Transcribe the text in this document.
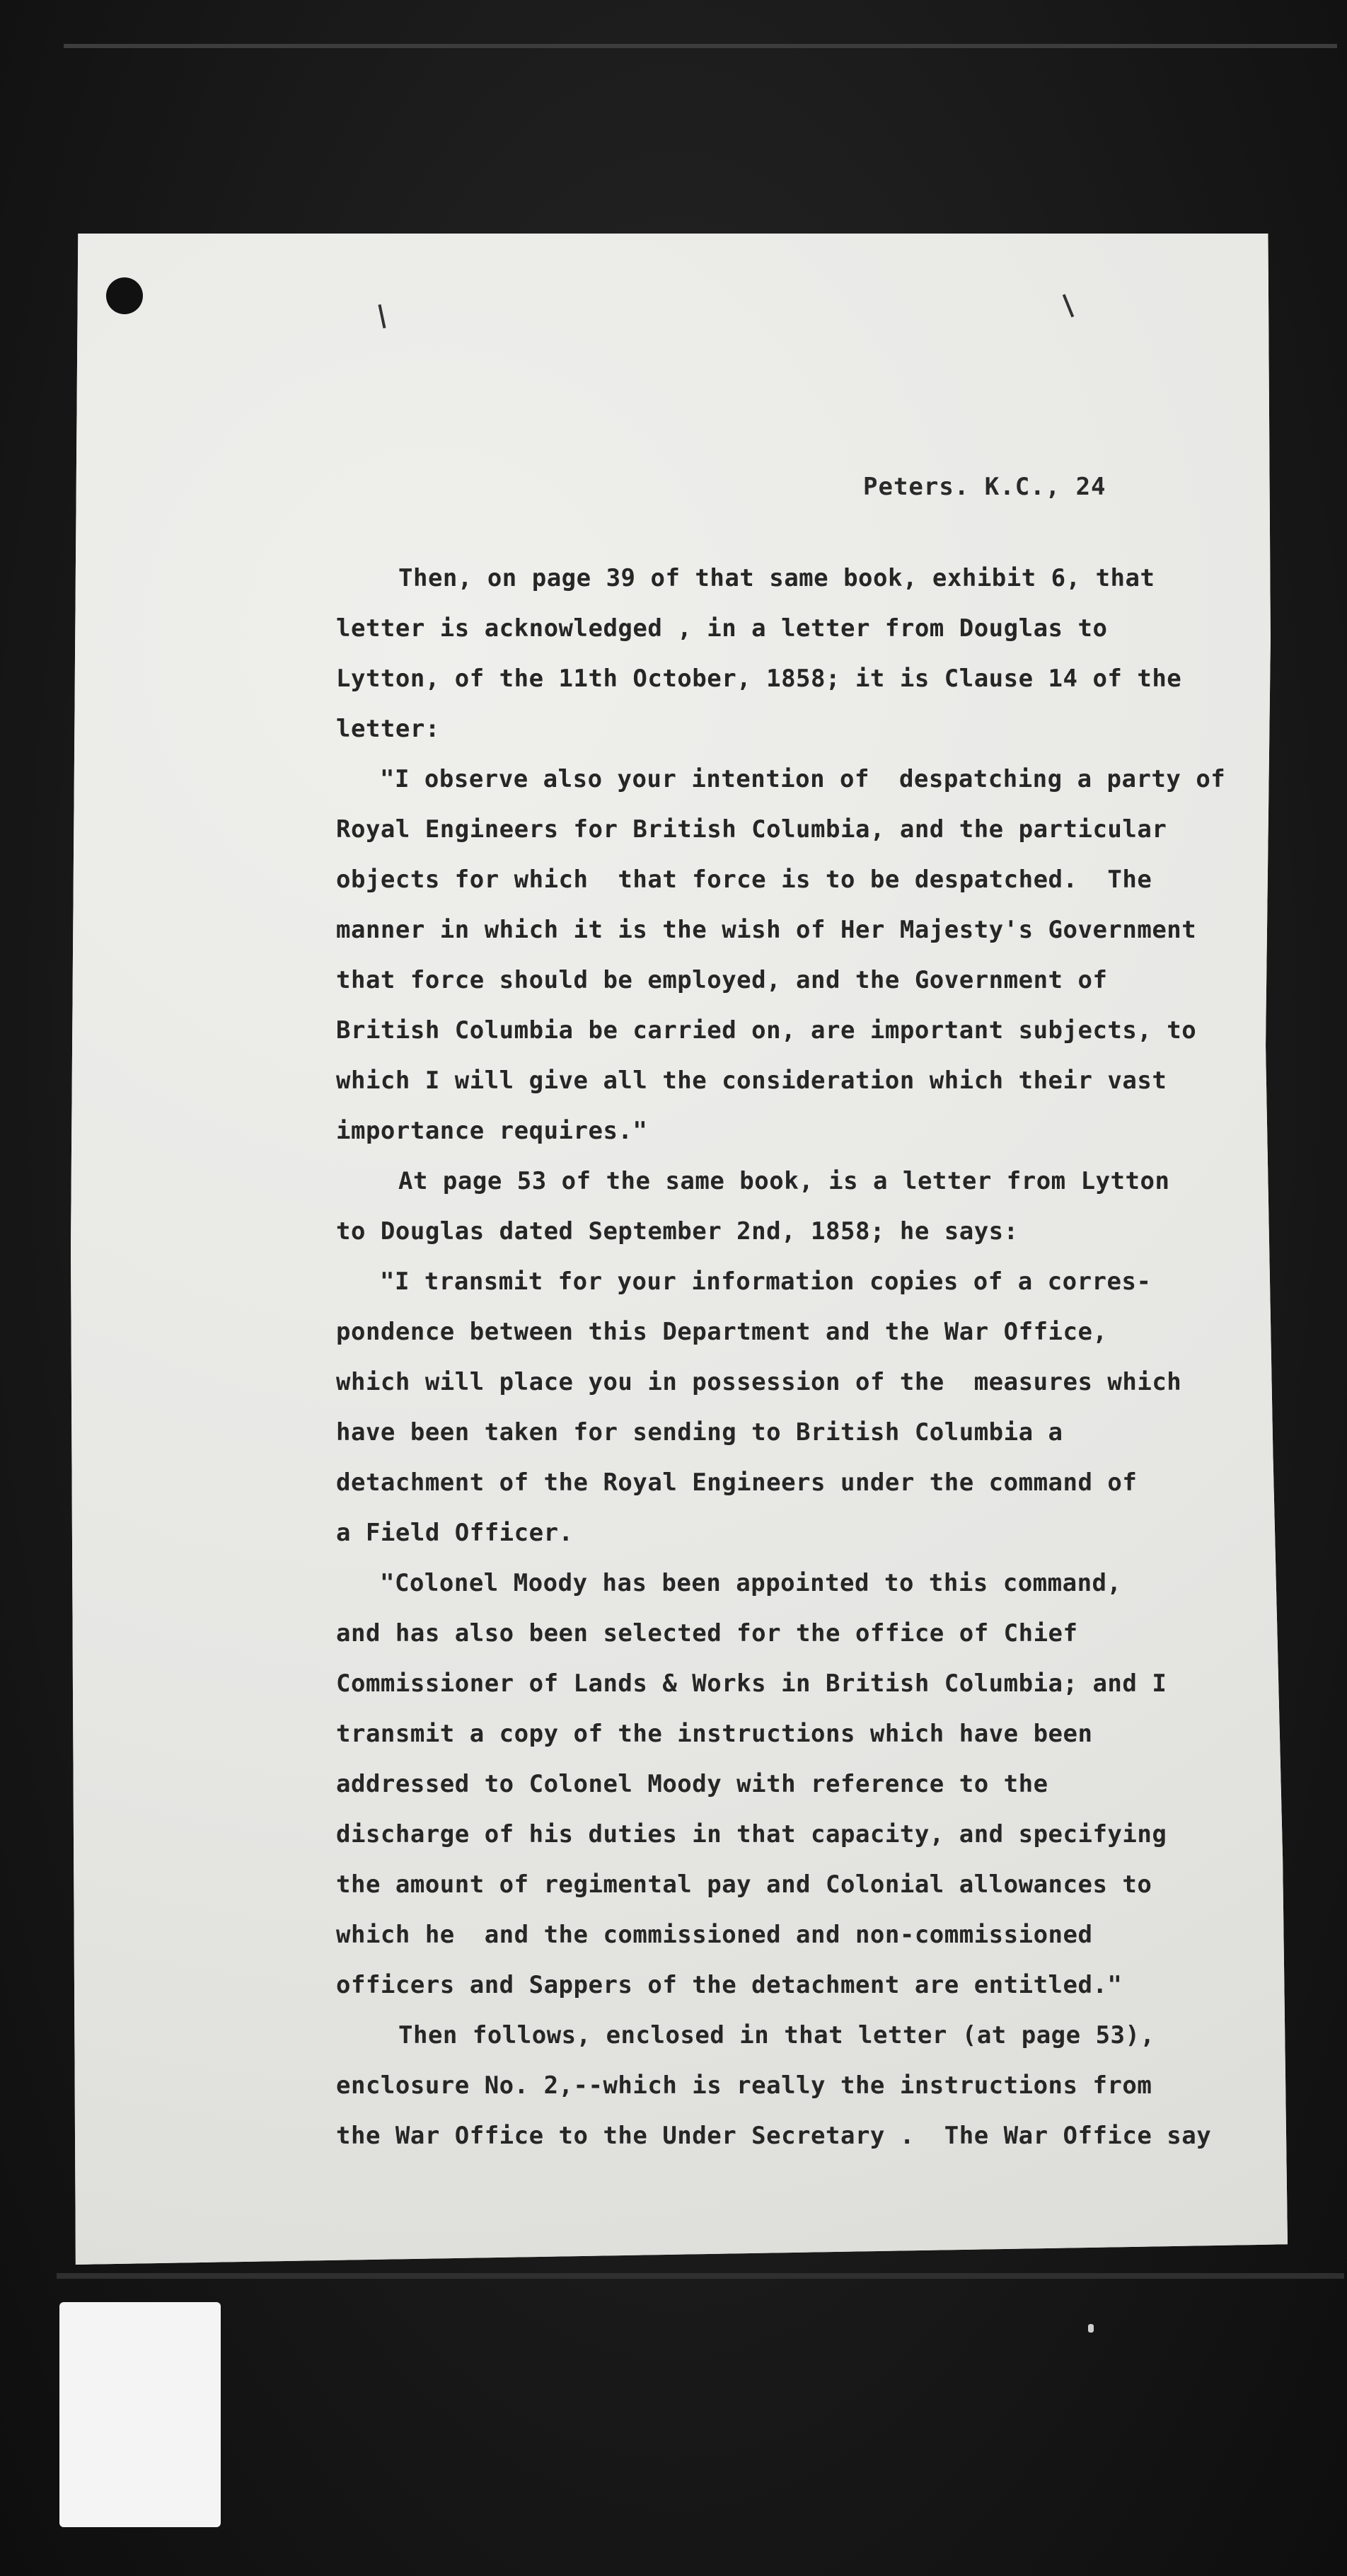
Peters. K.C., 24
Then, on page 39 of that same book, exhibit 6, that
letter is acknowledged , in a letter from Douglas to
Lytton, of the 11th October, 1858; it is Clause 14 of the
letter:
"I observe also your intention of  despatching a party of
Royal Engineers for British Columbia, and the particular
objects for which  that force is to be despatched.  The
manner in which it is the wish of Her Majesty's Government
that force should be employed, and the Government of
British Columbia be carried on, are important subjects, to
which I will give all the consideration which their vast
importance requires."
At page 53 of the same book, is a letter from Lytton
to Douglas dated September 2nd, 1858; he says:
"I transmit for your information copies of a corres-
pondence between this Department and the War Office,
which will place you in possession of the  measures which
have been taken for sending to British Columbia a
detachment of the Royal Engineers under the command of
a Field Officer.
"Colonel Moody has been appointed to this command,
and has also been selected for the office of Chief
Commissioner of Lands & Works in British Columbia; and I
transmit a copy of the instructions which have been
addressed to Colonel Moody with reference to the
discharge of his duties in that capacity, and specifying
the amount of regimental pay and Colonial allowances to
which he  and the commissioned and non-commissioned
officers and Sappers of the detachment are entitled."
Then follows, enclosed in that letter (at page 53),
enclosure No. 2,--which is really the instructions from
the War Office to the Under Secretary .  The War Office say
